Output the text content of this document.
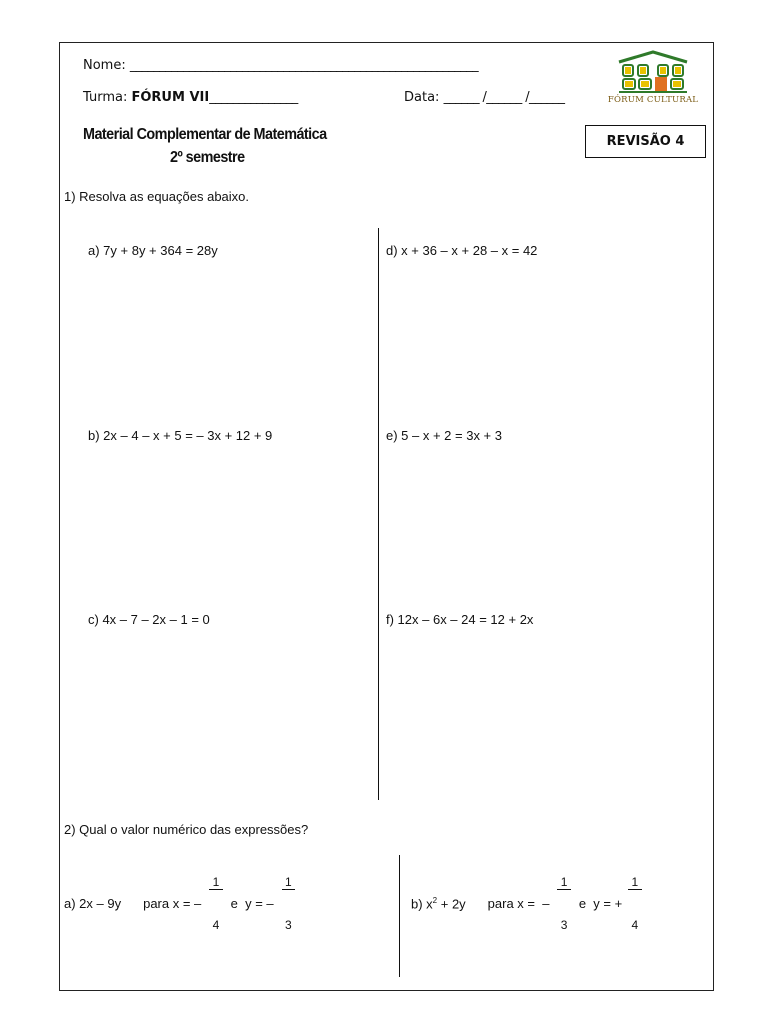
Nome: ___________________________________________________________
Turma: FÓRUM VII_______________	Data: ______ /______ /______	FÓRUM CULTURAL
Material Complementar de Matemática
2º semestre
REVISÃO 4
1) Resolva as equações abaixo.
a) 7y + 8y + 364 = 28y
b) 2x – 4 – x + 5 = – 3x + 12 + 9
c) 4x – 7 – 2x – 1 = 0
d) x + 36 – x + 28 – x = 42
e) 5 – x + 2 = 3x + 3
f) 12x – 6x – 24 = 12 + 2x
2) Qual o valor numérico das expressões?
a) 2x – 9y para x = –

$\frac{1}{4}$

e  y = –

$\frac{1}{3}$

	b) $x^2 + 2y$ para x =  –

$\frac{1}{3}$

e  y = +

$\frac{1}{4}$
